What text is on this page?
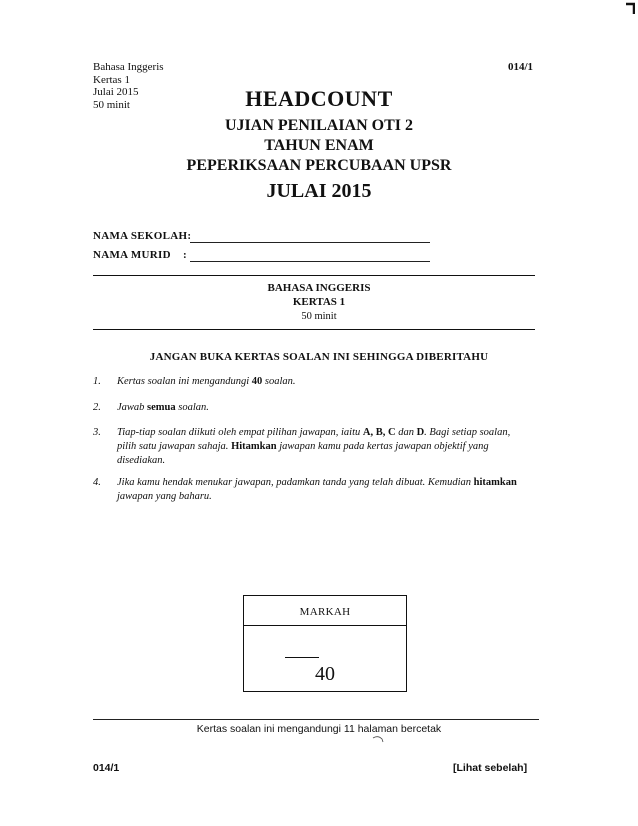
Bahasa Inggeris
Kertas 1
Julai 2015
50 minit
014/1
HEADCOUNT
UJIAN PENILAIAN OTI 2
TAHUN ENAM
PEPERIKSAAN PERCUBAAN UPSR
JULAI 2015
NAMA SEKOLAH:
NAMA MURID :
BAHASA INGGERIS
KERTAS 1
50 minit
JANGAN BUKA KERTAS SOALAN INI SEHINGGA DIBERITAHU
1. Kertas soalan ini mengandungi 40 soalan.
2. Jawab semua soalan.
3. Tiap-tiap soalan diikuti oleh empat pilihan jawapan, iaitu A, B, C dan D. Bagi setiap soalan, pilih satu jawapan sahaja. Hitamkan jawapan kamu pada kertas jawapan objektif yang disediakan.
4. Jika kamu hendak menukar jawapan, padamkan tanda yang telah dibuat. Kemudian hitamkan jawapan yang baharu.
MARKAH
40
Kertas soalan ini mengandungi 11 halaman bercetak
014/1	[Lihat sebelah]
